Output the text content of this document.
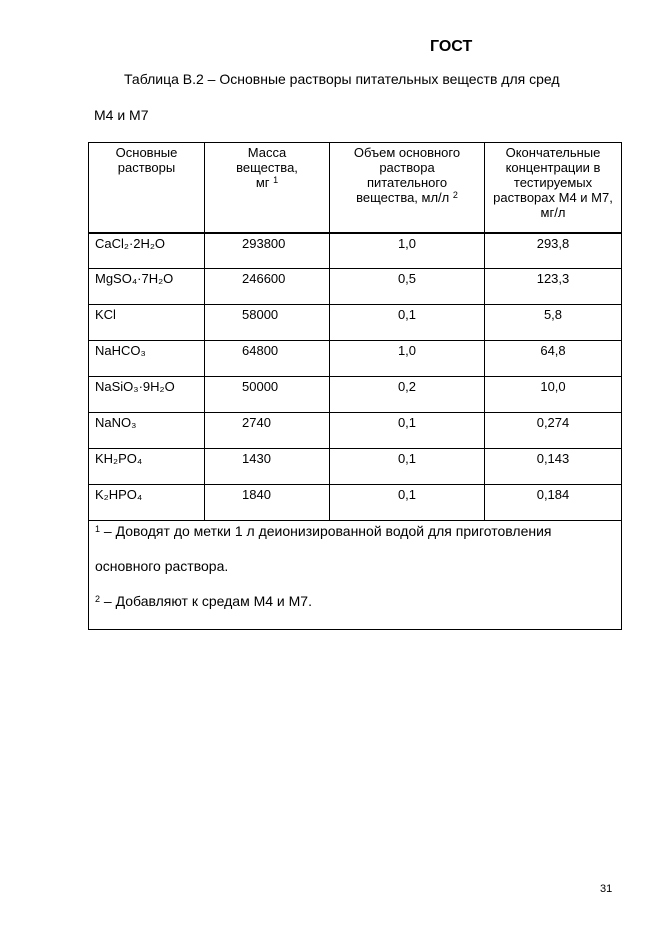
ГОСТ
Таблица В.2 – Основные растворы питательных веществ для сред
М4 и М7
Основные растворы	Масса вещества, мг $^1$	Объем основного раствора питательного вещества, мл/л $^2$	Окончательные концентрации в тестируемых растворах М4 и М7, мг/л
CaCl₂·2H₂O	293800	1,0	293,8
MgSO₄·7H₂O	246600	0,5	123,3
KCl	58000	0,1	5,8
NaHCO₃	64800	1,0	64,8
NaSiO₃·9H₂O	50000	0,2	10,0
NaNO₃	2740	0,1	0,274
KH₂PO₄	1430	0,1	0,143
K₂HPO₄	1840	0,1	0,184

$^1$ – Доводят до метки 1 л деионизированной водой для приготовления

основного раствора.

$^2$ – Добавляют к средам М4 и М7.			

31
